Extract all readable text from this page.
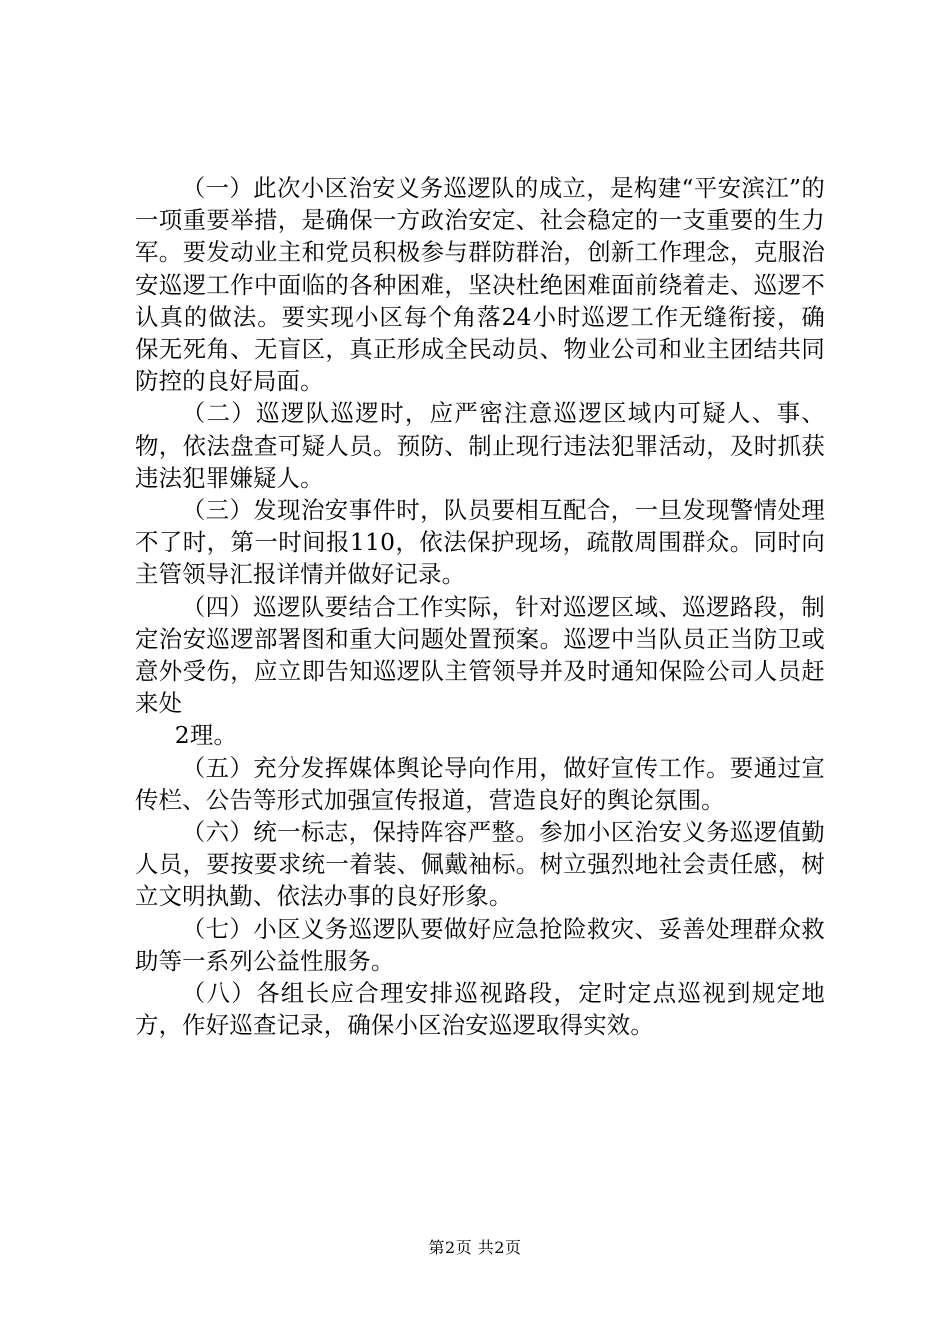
（一）此次小区治安义务巡逻队的成立，是构建“平安滨江”的一项重要举措，是确保一方政治安定、社会稳定的一支重要的生力军。要发动业主和党员积极参与群防群治，创新工作理念，克服治安巡逻工作中面临的各种困难，坚决杜绝困难面前绕着走、巡逻不认真的做法。要实现小区每个角落24小时巡逻工作无缝衔接，确保无死角、无盲区，真正形成全民动员、物业公司和业主团结共同防控的良好局面。

（二）巡逻队巡逻时，应严密注意巡逻区域内可疑人、事、物，依法盘查可疑人员。预防、制止现行违法犯罪活动，及时抓获违法犯罪嫌疑人。

（三）发现治安事件时，队员要相互配合，一旦发现警情处理不了时，第一时间报110，依法保护现场，疏散周围群众。同时向主管领导汇报详情并做好记录。

（四）巡逻队要结合工作实际，针对巡逻区域、巡逻路段，制定治安巡逻部署图和重大问题处置预案。巡逻中当队员正当防卫或意外受伤，应立即告知巡逻队主管领导并及时通知保险公司人员赶来处

2理。

（五）充分发挥媒体舆论导向作用，做好宣传工作。要通过宣传栏、公告等形式加强宣传报道，营造良好的舆论氛围。

（六）统一标志，保持阵容严整。参加小区治安义务巡逻值勤人员，要按要求统一着装、佩戴袖标。树立强烈地社会责任感，树立文明执勤、依法办事的良好形象。

（七）小区义务巡逻队要做好应急抢险救灾、妥善处理群众救助等一系列公益性服务。

（八）各组长应合理安排巡视路段，定时定点巡视到规定地方，作好巡查记录，确保小区治安巡逻取得实效。

第2页 共2页
